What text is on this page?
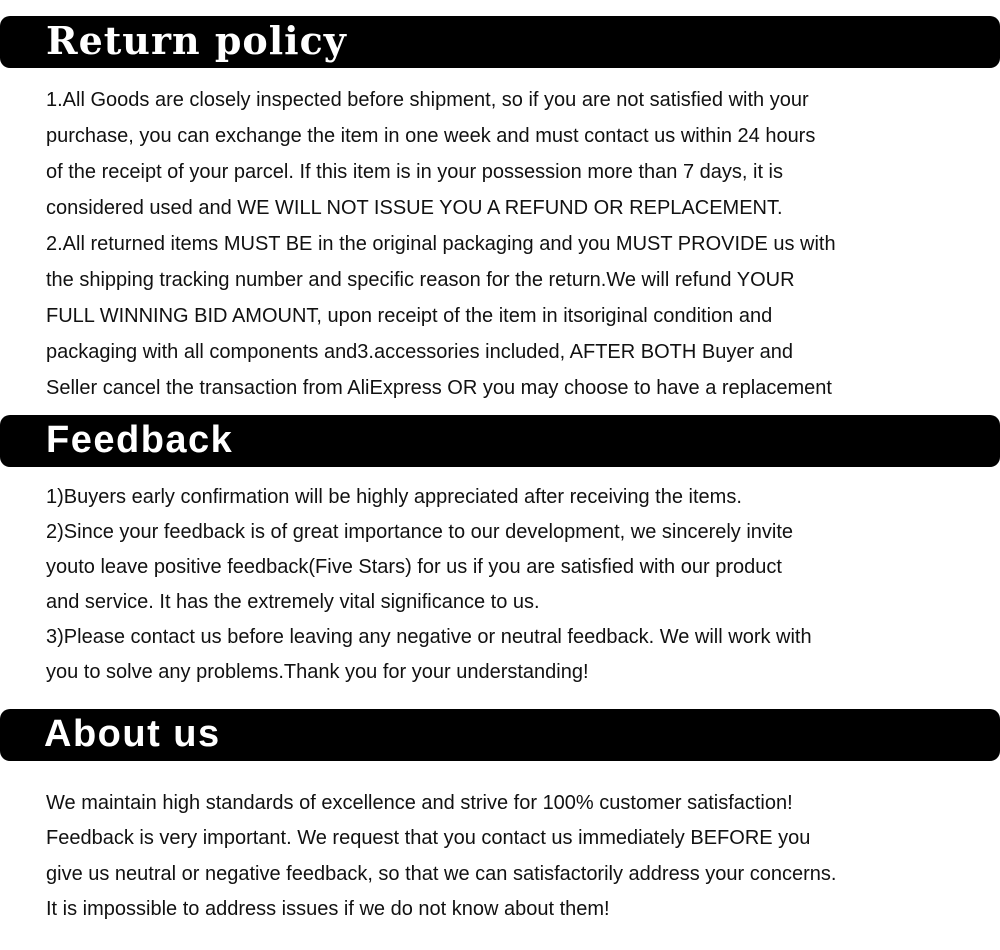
Return policy
1.All Goods are closely inspected before shipment, so if you are not satisfied with your
purchase, you can exchange the item in one week and must contact us within 24 hours
of the receipt of your parcel. If this item is in your possession more than 7 days, it is
considered used and WE WILL NOT ISSUE YOU A REFUND OR REPLACEMENT.
2.All returned items MUST BE in the original packaging and you MUST PROVIDE us with
the shipping tracking number and specific reason for the return.We will refund YOUR
FULL WINNING BID AMOUNT, upon receipt of the item in itsoriginal condition and
packaging with all components and3.accessories included, AFTER BOTH Buyer and
Seller cancel the transaction from AliExpress OR you may choose to have a replacement
Feedback
1)Buyers early confirmation will be highly appreciated after receiving the items.
2)Since your feedback is of great importance to our development, we sincerely invite
youto leave positive feedback(Five Stars) for us if you are satisfied with our product
and service. It has the extremely vital significance to us.
3)Please contact us before leaving any negative or neutral feedback. We will work with
you to solve any problems.Thank you for your understanding!
About us
We maintain high standards of excellence and strive for 100% customer satisfaction!
Feedback is very important. We request that you contact us immediately BEFORE you
give us neutral or negative feedback, so that we can satisfactorily address your concerns.
It is impossible to address issues if we do not know about them!
